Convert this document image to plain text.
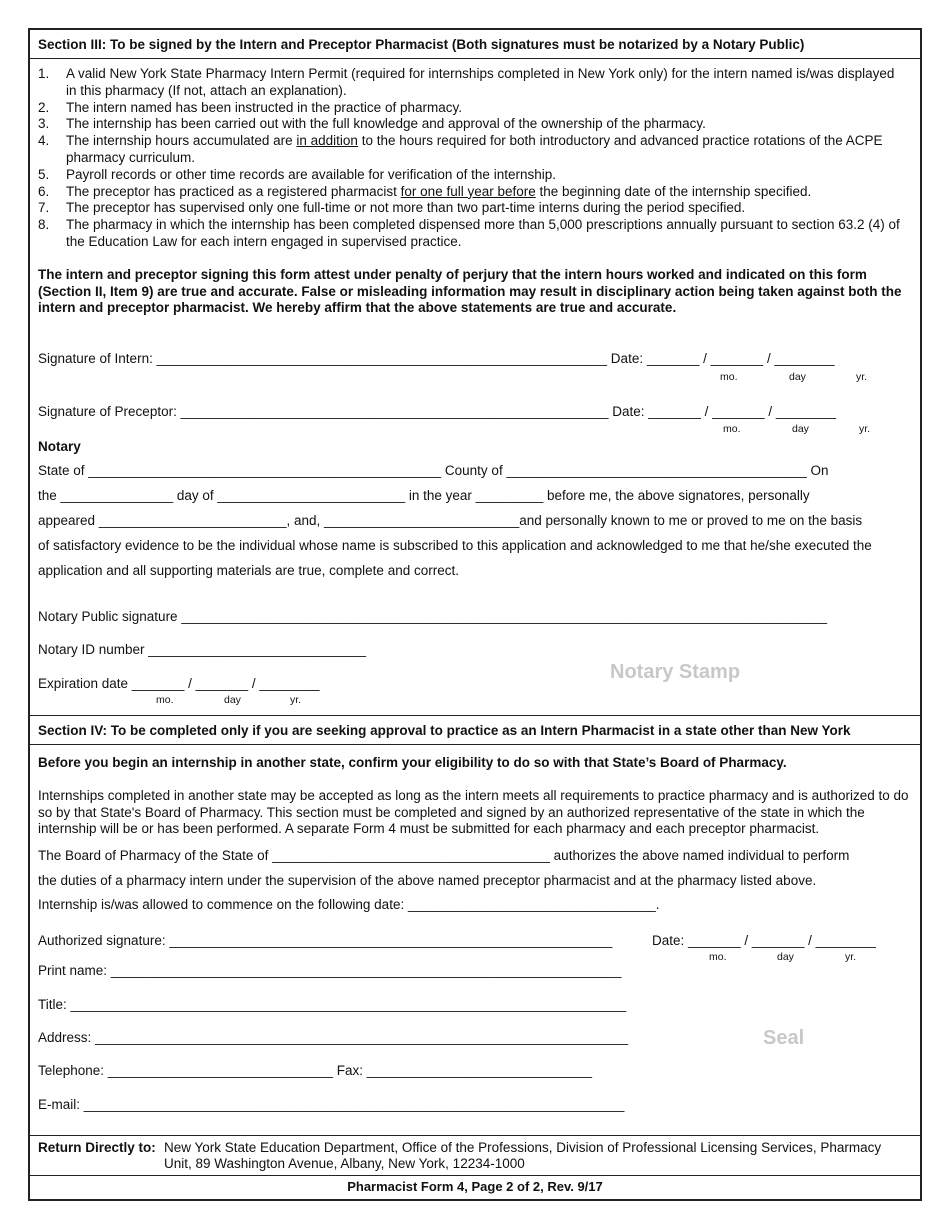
Section III: To be signed by the Intern and Preceptor Pharmacist (Both signatures must be notarized by a Notary Public)
1.	A valid New York State Pharmacy Intern Permit (required for internships completed in New York only) for the intern named is/was displayed in this pharmacy (If not, attach an explanation).
2.	The intern named has been instructed in the practice of pharmacy.
3.	The internship has been carried out with the full knowledge and approval of the ownership of the pharmacy.
4.	The internship hours accumulated are in addition to the hours required for both introductory and advanced practice rotations of the ACPE pharmacy curriculum.
5.	Payroll records or other time records are available for verification of the internship.
6.	The preceptor has practiced as a registered pharmacist for one full year before the beginning date of the internship specified.
7.	The preceptor has supervised only one full-time or not more than two part-time interns during the period specified.
8.	The pharmacy in which the internship has been completed dispensed more than 5,000 prescriptions annually pursuant to section 63.2 (4) of the Education Law for each intern engaged in supervised practice.
The intern and preceptor signing this form attest under penalty of perjury that the intern hours worked and indicated on this form (Section II, Item 9) are true and accurate. False or misleading information may result in disciplinary action being taken against both the intern and preceptor pharmacist. We hereby affirm that the above statements are true and accurate.
Signature of Intern: ____________________________________________________________ Date: _______ / _______ / ________
mo.	day	yr.
Signature of Preceptor: _________________________________________________________ Date: _______ / _______ / ________
mo.	day	yr.
Notary
State of _______________________________________________ County of ________________________________________ On
the _______________ day of _________________________ in the year _________ before me, the above signatores, personally
appeared _________________________, and, __________________________and personally known to me or proved to me on the basis
of satisfactory evidence to be the individual whose name is subscribed to this application and acknowledged to me that he/she executed the
application and all supporting materials are true, complete and correct.
Notary Public signature ______________________________________________________________________________________
Notary ID number _____________________________
Notary Stamp
Expiration date _______ / _______ / ________
mo.	day	yr.
Section IV: To be completed only if you are seeking approval to practice as an Intern Pharmacist in a state other than New York
Before you begin an internship in another state, confirm your eligibility to do so with that State’s Board of Pharmacy.
Internships completed in another state may be accepted as long as the intern meets all requirements to practice pharmacy and is authorized to do so by that State's Board of Pharmacy. This section must be completed and signed by an authorized representative of the state in which the internship will be or has been performed. A separate Form 4 must be submitted for each pharmacy and each preceptor pharmacist.
The Board of Pharmacy of the State of _____________________________________ authorizes the above named individual to perform
the duties of a pharmacy intern under the supervision of the above named preceptor pharmacist and at the pharmacy listed above.
Internship is/was allowed to commence on the following date: _________________________________.
Authorized signature: ___________________________________________________________	Date: _______ / _______ / ________
mo.	day	yr.
Print name: ____________________________________________________________________
Title: __________________________________________________________________________
Address: _______________________________________________________________________	Seal
Telephone: ______________________________ Fax: ______________________________
E-mail: ________________________________________________________________________
Return Directly to: New York State Education Department, Office of the Professions, Division of Professional Licensing Services, Pharmacy Unit, 89 Washington Avenue, Albany, New York, 12234-1000
Pharmacist Form 4, Page 2 of 2, Rev. 9/17
